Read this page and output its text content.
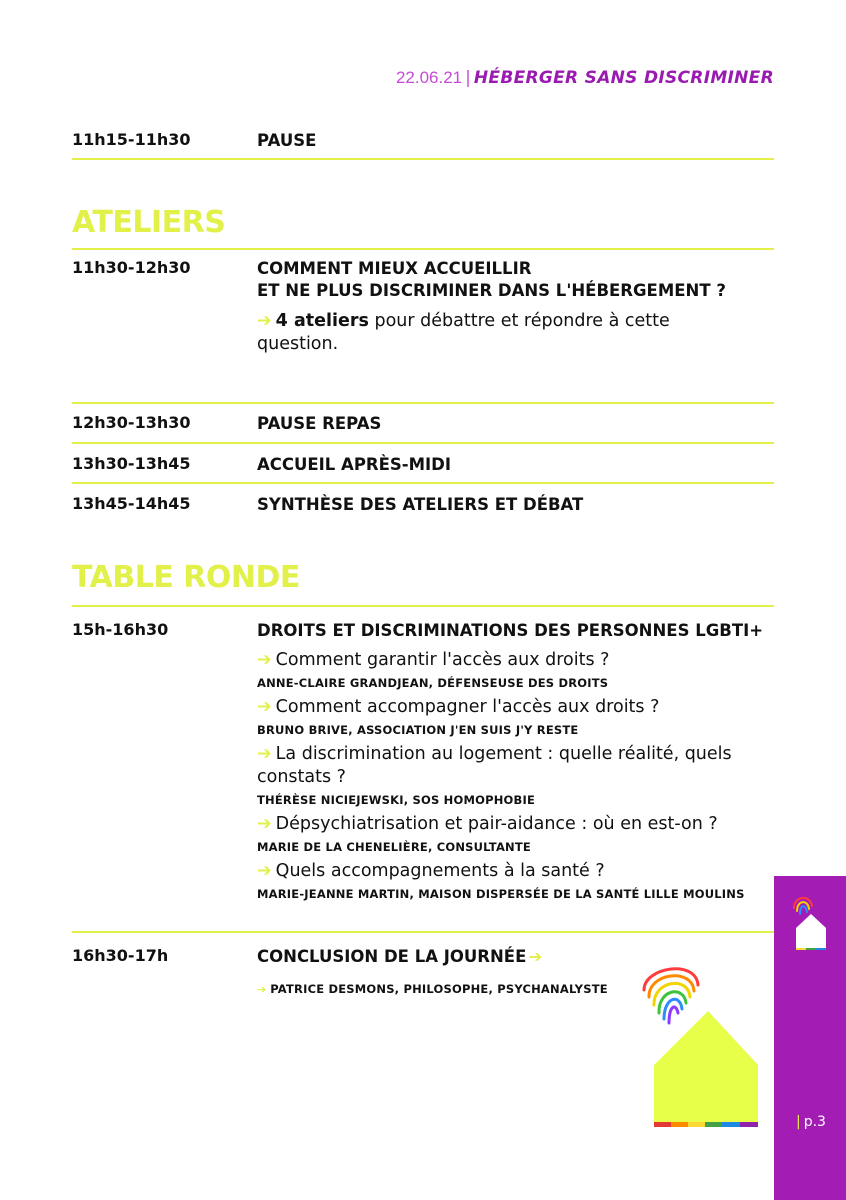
22.06.21 | HÉBERGER SANS DISCRIMINER
11h15-11h30	PAUSE
ATELIERS
11h30-12h30	COMMENT MIEUX ACCUEILLIR
ET NE PLUS DISCRIMINER DANS L'HÉBERGEMENT ?
➔ 4 ateliers pour débattre et répondre à cette question.
12h30-13h30	PAUSE REPAS
13h30-13h45	ACCUEIL APRÈS-MIDI
13h45-14h45	SYNTHÈSE DES ATELIERS ET DÉBAT
TABLE RONDE
15h-16h30	DROITS ET DISCRIMINATIONS DES PERSONNES LGBTI+
➔ Comment garantir l'accès aux droits ?
ANNE-CLAIRE GRANDJEAN, DÉFENSEUSE DES DROITS
➔ Comment accompagner l'accès aux droits ?
BRUNO BRIVE, ASSOCIATION J'EN SUIS J'Y RESTE
➔ La discrimination au logement : quelle réalité, quels constats ?
THÉRÈSE NICIEJEWSKI, SOS HOMOPHOBIE
➔ Dépsychiatrisation et pair-aidance : où en est-on ?
MARIE DE LA CHENELIÈRE, CONSULTANTE
➔ Quels accompagnements à la santé ?
MARIE-JEANNE MARTIN, MAISON DISPERSÉE DE LA SANTÉ LILLE MOULINS
16h30-17h	CONCLUSION DE LA JOURNÉE ➔
➔ PATRICE DESMONS, PHILOSOPHE, PSYCHANALYSTE
| p.3
